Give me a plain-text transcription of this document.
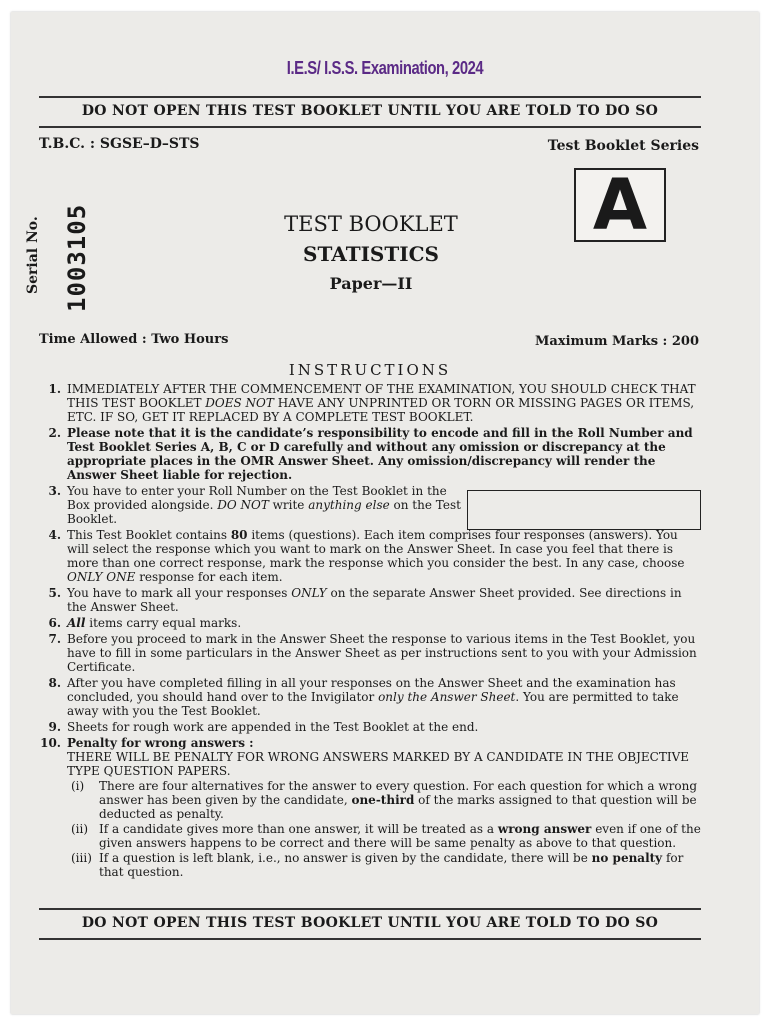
I.E.S/ I.S.S. Examination, 2024
DO NOT OPEN THIS TEST BOOKLET UNTIL YOU ARE TOLD TO DO SO
T.B.C. : SGSE–D–STS	Test Booklet Series
Serial No. 1003105	TEST BOOKLET
STATISTICS
Paper—II
A
Time Allowed : Two Hours	Maximum Marks : 200
INSTRUCTIONS
1. IMMEDIATELY AFTER THE COMMENCEMENT OF THE EXAMINATION, YOU SHOULD CHECK THAT THIS TEST BOOKLET DOES NOT HAVE ANY UNPRINTED OR TORN OR MISSING PAGES OR ITEMS, ETC. IF SO, GET IT REPLACED BY A COMPLETE TEST BOOKLET.
2. Please note that it is the candidate’s responsibility to encode and fill in the Roll Number and Test Booklet Series A, B, C or D carefully and without any omission or discrepancy at the appropriate places in the OMR Answer Sheet. Any omission/discrepancy will render the Answer Sheet liable for rejection.
3. You have to enter your Roll Number on the Test Booklet in the Box provided alongside. DO NOT write anything else on the Test Booklet.
4. This Test Booklet contains 80 items (questions). Each item comprises four responses (answers). You will select the response which you want to mark on the Answer Sheet. In case you feel that there is more than one correct response, mark the response which you consider the best. In any case, choose ONLY ONE response for each item.
5. You have to mark all your responses ONLY on the separate Answer Sheet provided. See directions in the Answer Sheet.
6. All items carry equal marks.
7. Before you proceed to mark in the Answer Sheet the response to various items in the Test Booklet, you have to fill in some particulars in the Answer Sheet as per instructions sent to you with your Admission Certificate.
8. After you have completed filling in all your responses on the Answer Sheet and the examination has concluded, you should hand over to the Invigilator only the Answer Sheet. You are permitted to take away with you the Test Booklet.
9. Sheets for rough work are appended in the Test Booklet at the end.
10. Penalty for wrong answers :
THERE WILL BE PENALTY FOR WRONG ANSWERS MARKED BY A CANDIDATE IN THE OBJECTIVE TYPE QUESTION PAPERS.
(i) There are four alternatives for the answer to every question. For each question for which a wrong answer has been given by the candidate, one-third of the marks assigned to that question will be deducted as penalty.
(ii) If a candidate gives more than one answer, it will be treated as a wrong answer even if one of the given answers happens to be correct and there will be same penalty as above to that question.
(iii) If a question is left blank, i.e., no answer is given by the candidate, there will be no penalty for that question.
DO NOT OPEN THIS TEST BOOKLET UNTIL YOU ARE TOLD TO DO SO
